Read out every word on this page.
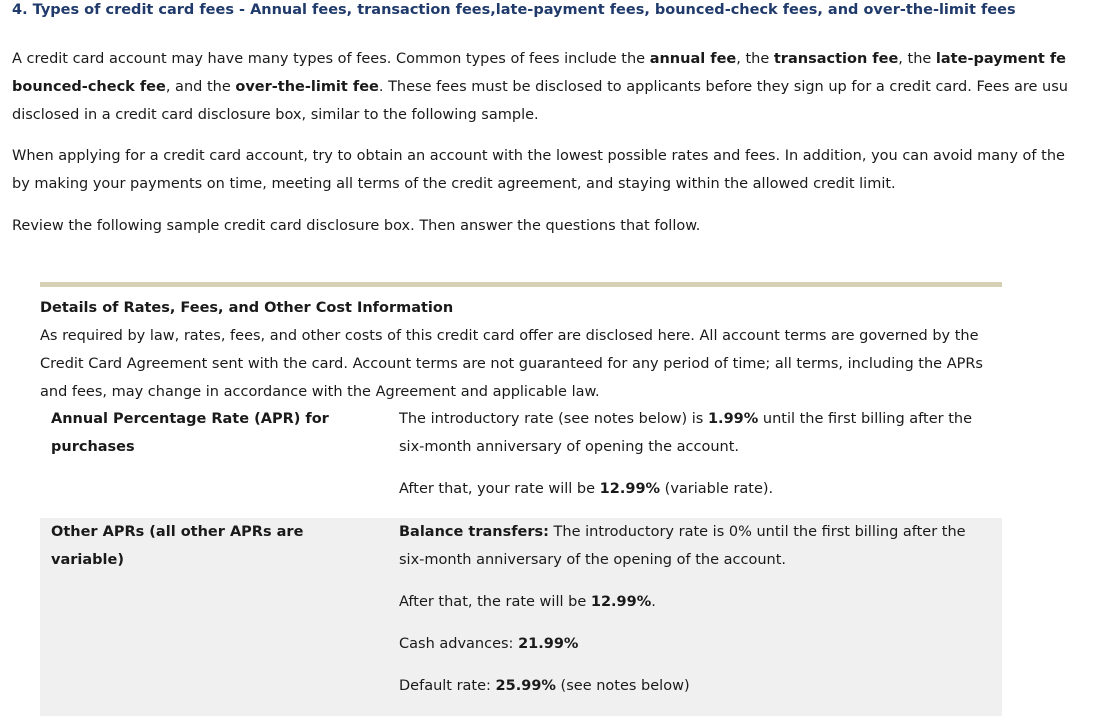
4. Types of credit card fees - Annual fees, transaction fees,late-payment fees, bounced-check fees, and over-the-limit fees

A credit card account may have many types of fees. Common types of fees include the annual fee, the transaction fee, the late-payment fe
bounced-check fee, and the over-the-limit fee. These fees must be disclosed to applicants before they sign up for a credit card. Fees are usu
disclosed in a credit card disclosure box, similar to the following sample.

When applying for a credit card account, try to obtain an account with the lowest possible rates and fees. In addition, you can avoid many of the
by making your payments on time, meeting all terms of the credit agreement, and staying within the allowed credit limit.

Review the following sample credit card disclosure box. Then answer the questions that follow.

Details of Rates, Fees, and Other Cost Information
As required by law, rates, fees, and other costs of this credit card offer are disclosed here. All account terms are governed by the Credit Card Agreement sent with the card. Account terms are not guaranteed for any period of time; all terms, including the APRs and fees, may change in accordance with the Agreement and applicable law.
Annual Percentage Rate (APR) for purchases

The introductory rate (see notes below) is 1.99% until the first billing after the six-month anniversary of opening the account.

After that, your rate will be 12.99% (variable rate).

Other APRs (all other APRs are variable)

Balance transfers: The introductory rate is 0% until the first billing after the six-month anniversary of the opening of the account.

After that, the rate will be 12.99%.

Cash advances: 21.99%

Default rate: 25.99% (see notes below)
